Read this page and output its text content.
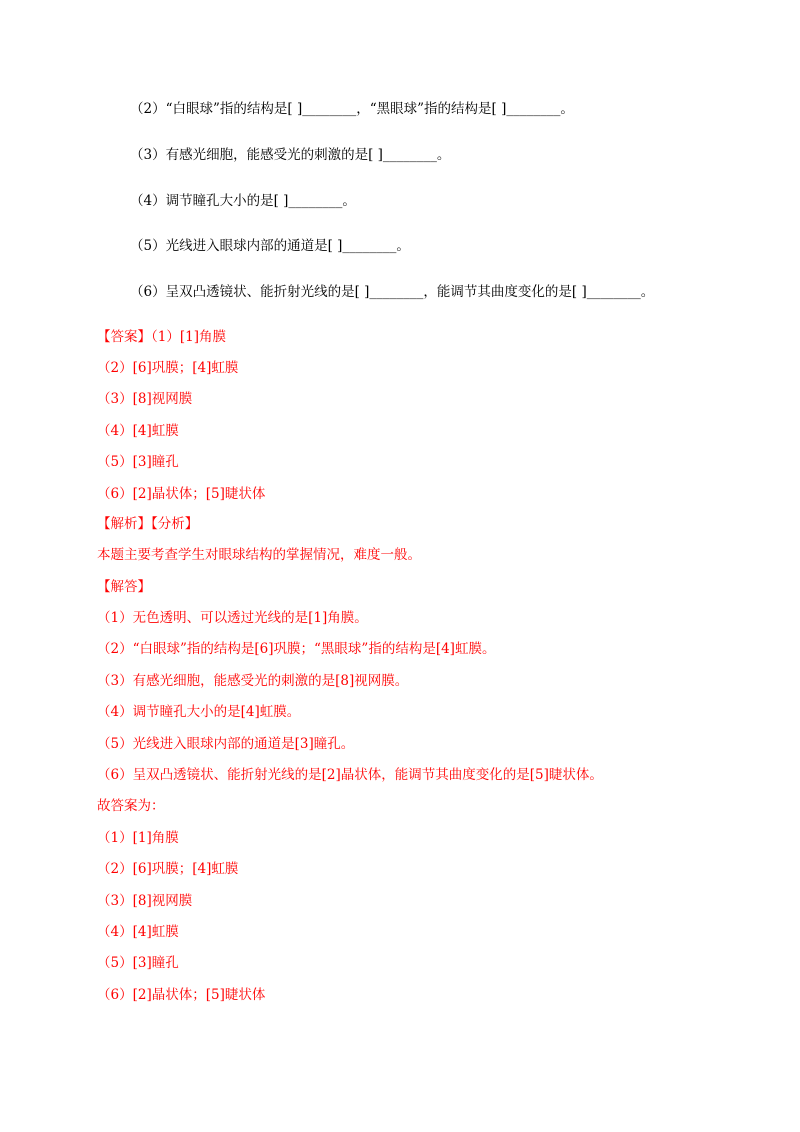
（2）“白眼球”指的结构是[ ]________，“黑眼球”指的结构是[ ]________。
（3）有感光细胞，能感受光的刺激的是[ ]________。
（4）调节瞳孔大小的是[ ]________。
（5）光线进入眼球内部的通道是[ ]________。
（6）呈双凸透镜状、能折射光线的是[ ]________，能调节其曲度变化的是[ ]________。
【答案】（1）[1]角膜
（2）[6]巩膜；[4]虹膜
（3）[8]视网膜
（4）[4]虹膜
（5）[3]瞳孔
（6）[2]晶状体；[5]睫状体
【解析】【分析】
本题主要考查学生对眼球结构的掌握情况，难度一般。
【解答】
（1）无色透明、可以透过光线的是[1]角膜。
（2）“白眼球”指的结构是[6]巩膜；“黑眼球”指的结构是[4]虹膜。
（3）有感光细胞，能感受光的刺激的是[8]视网膜。
（4）调节瞳孔大小的是[4]虹膜。
（5）光线进入眼球内部的通道是[3]瞳孔。
（6）呈双凸透镜状、能折射光线的是[2]晶状体，能调节其曲度变化的是[5]睫状体。
故答案为：
（1）[1]角膜
（2）[6]巩膜；[4]虹膜
（3）[8]视网膜
（4）[4]虹膜
（5）[3]瞳孔
（6）[2]晶状体；[5]睫状体
